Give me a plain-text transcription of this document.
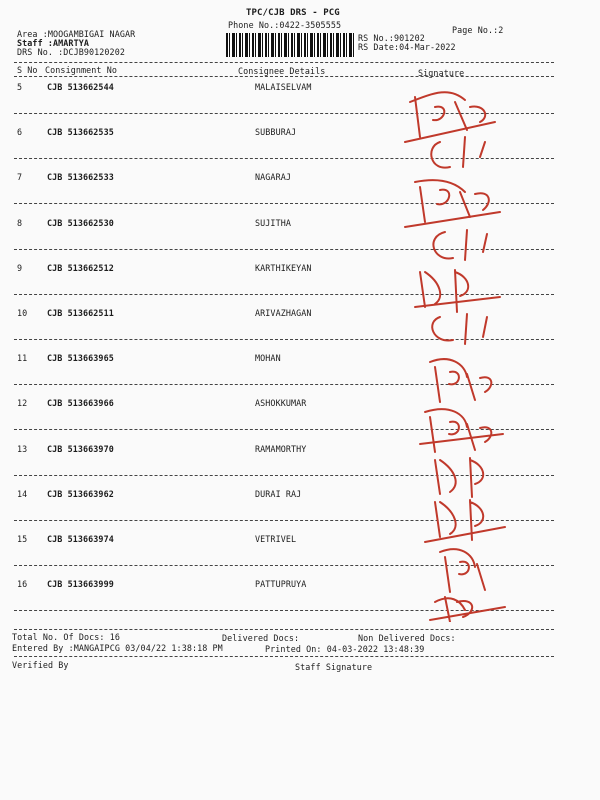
TPC/CJB DRS - PCG
Phone No.:0422-3505555	Page No.:2
Area :MOOGAMBIGAI NAGAR
Staff :AMARTYA
DRS No. :DCJB90120202
RS No.:901202
RS Date:04-Mar-2022
S No Consignment No	Consignee Details	Signature
5	CJB 513662544	MALAISELVAM
6	CJB 513662535	SUBBURAJ
7	CJB 513662533	NAGARAJ
8	CJB 513662530	SUJITHA
9	CJB 513662512	KARTHIKEYAN
10 CJB 513662511	ARIVAZHAGAN
11 CJB 513663965	MOHAN
12 CJB 513663966	ASHOKKUMAR
13 CJB 513663970	RAMAMORTHY
14 CJB 513663962	DURAI RAJ
15 CJB 513663974	VETRIVEL
16 CJB 513663999	PATTUPRUYA
Total No. Of Docs: 16	Delivered Docs:	Non Delivered Docs:
Entered By :MANGAIPCG 03/04/22 1:38:18 PM	Printed On: 04-03-2022 13:48:39
Verified By	Staff Signature
